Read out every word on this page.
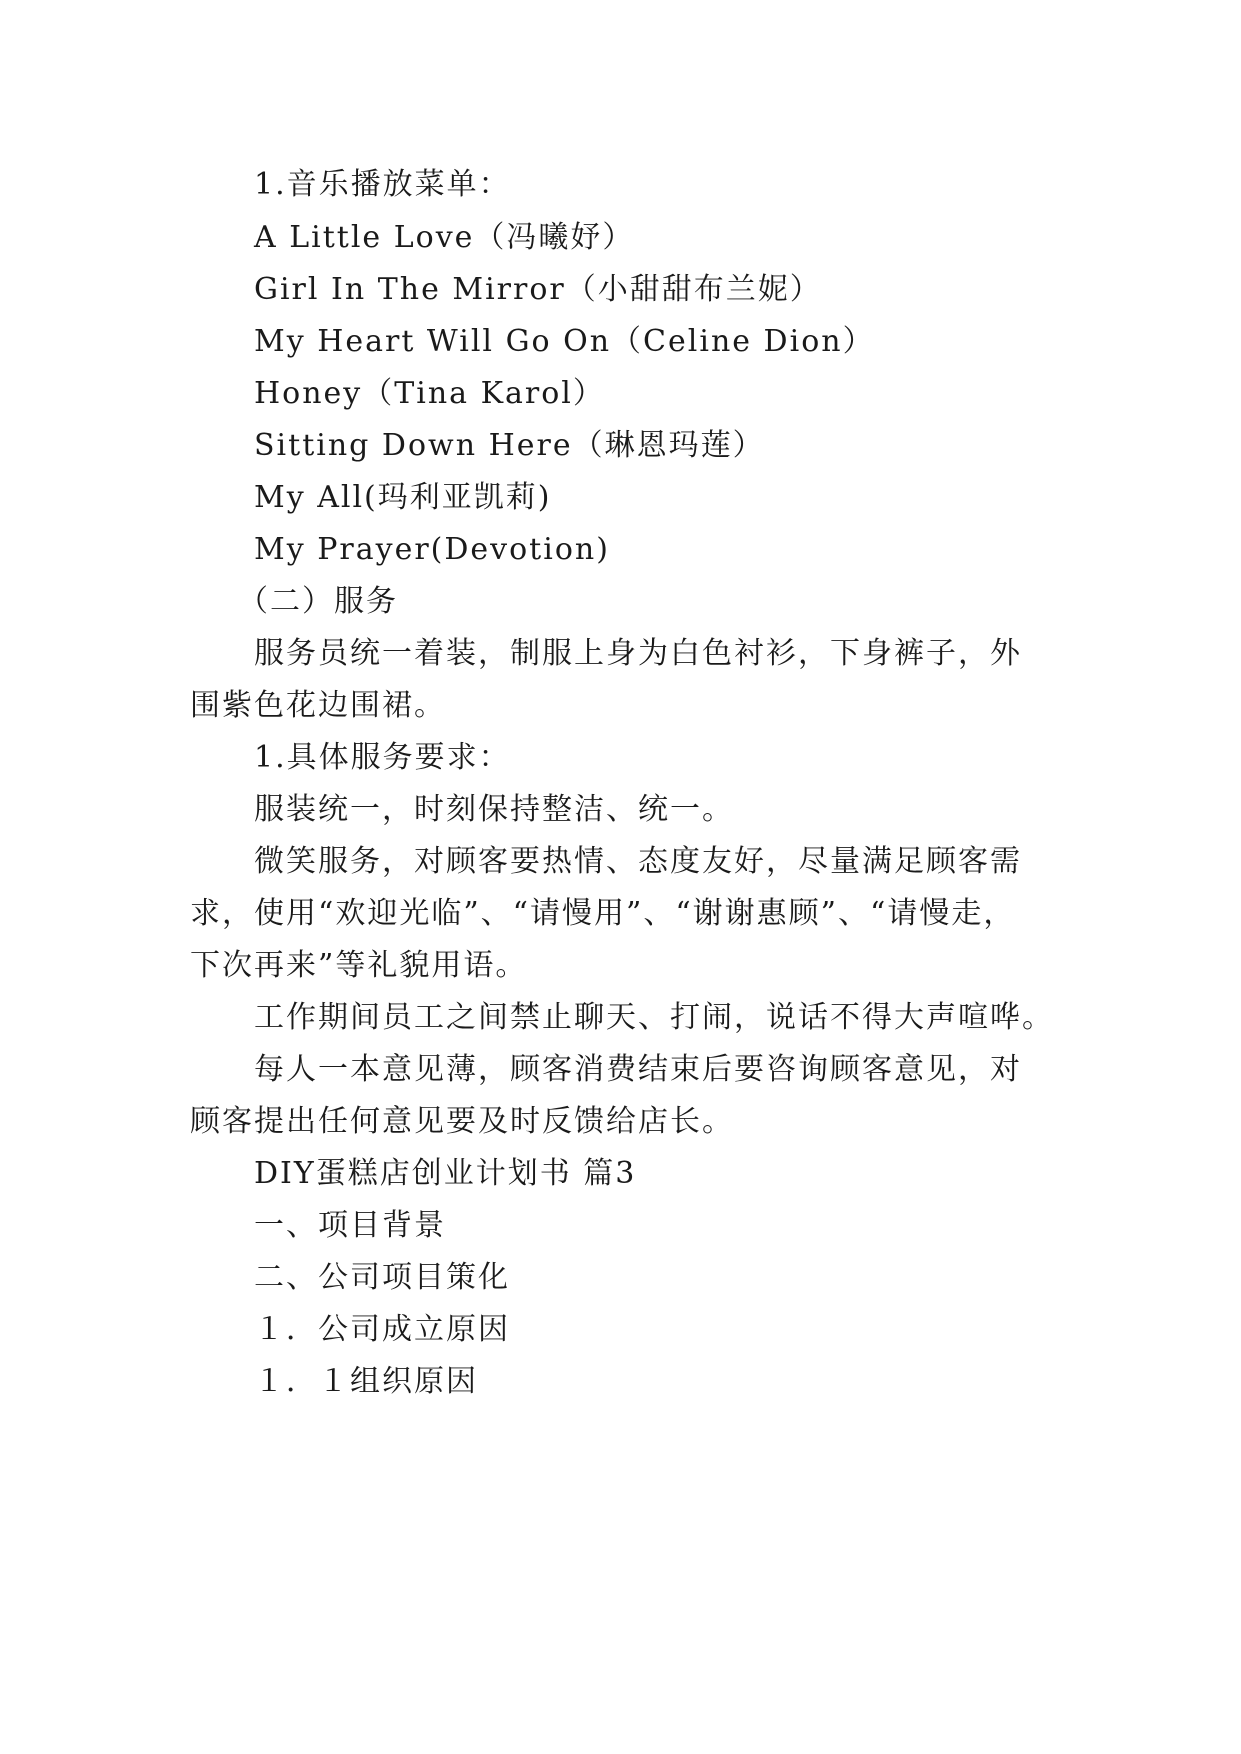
1.音乐播放菜单：
A Little Love（冯曦妤）
Girl In The Mirror（小甜甜布兰妮）
My Heart Will Go On（Celine Dion）
Honey（Tina Karol）
Sitting Down Here（琳恩玛莲）
My All(玛利亚凯莉)
My Prayer(Devotion)
（二）服务
服务员统一着装，制服上身为白色衬衫，下身裤子，外
围紫色花边围裙。
1.具体服务要求：
服装统一，时刻保持整洁、统一。
微笑服务，对顾客要热情、态度友好，尽量满足顾客需
求，使用“欢迎光临”、“请慢用”、“谢谢惠顾”、“请慢走，
下次再来”等礼貌用语。
工作期间员工之间禁止聊天、打闹，说话不得大声喧哗。
每人一本意见薄，顾客消费结束后要咨询顾客意见，对
顾客提出任何意见要及时反馈给店长。
DIY蛋糕店创业计划书 篇3
一、项目背景
二、公司项目策化
１．公司成立原因
１．１组织原因
